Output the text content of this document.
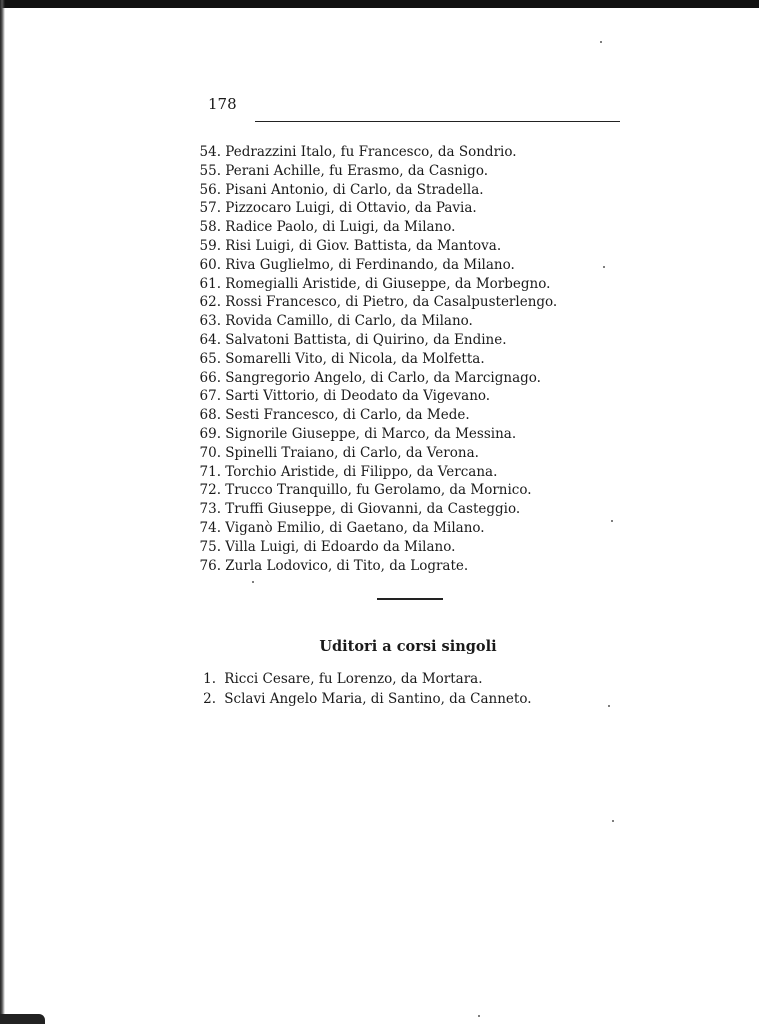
178
54.
Pedrazzini Italo, fu Francesco, da Sondrio.
55.
Perani Achille, fu Erasmo, da Casnigo.
56.
Pisani Antonio, di Carlo, da Stradella.
57.
Pizzocaro Luigi, di Ottavio, da Pavia.
58.
Radice Paolo, di Luigi, da Milano.
59.
Risi Luigi, di Giov. Battista, da Mantova.
60.
Riva Guglielmo, di Ferdinando, da Milano.
61.
Romegialli Aristide, di Giuseppe, da Morbegno.
62.
Rossi Francesco, di Pietro, da Casalpusterlengo.
63.
Rovida Camillo, di Carlo, da Milano.
64.
Salvatoni Battista, di Quirino, da Endine.
65.
Somarelli Vito, di Nicola, da Molfetta.
66.
Sangregorio Angelo, di Carlo, da Marcignago.
67.
Sarti Vittorio, di Deodato da Vigevano.
68.
Sesti Francesco, di Carlo, da Mede.
69.
Signorile Giuseppe, di Marco, da Messina.
70.
Spinelli Traiano, di Carlo, da Verona.
71.
Torchio Aristide, di Filippo, da Vercana.
72.
Trucco Tranquillo, fu Gerolamo, da Mornico.
73.
Truffi Giuseppe, di Giovanni, da Casteggio.
74.
Viganò Emilio, di Gaetano, da Milano.
75.
Villa Luigi, di Edoardo da Milano.
76.
Zurla Lodovico, di Tito, da Lograte.
Uditori a corsi singoli
1.
Ricci Cesare, fu Lorenzo, da Mortara.
2.
Sclavi Angelo Maria, di Santino, da Canneto.
